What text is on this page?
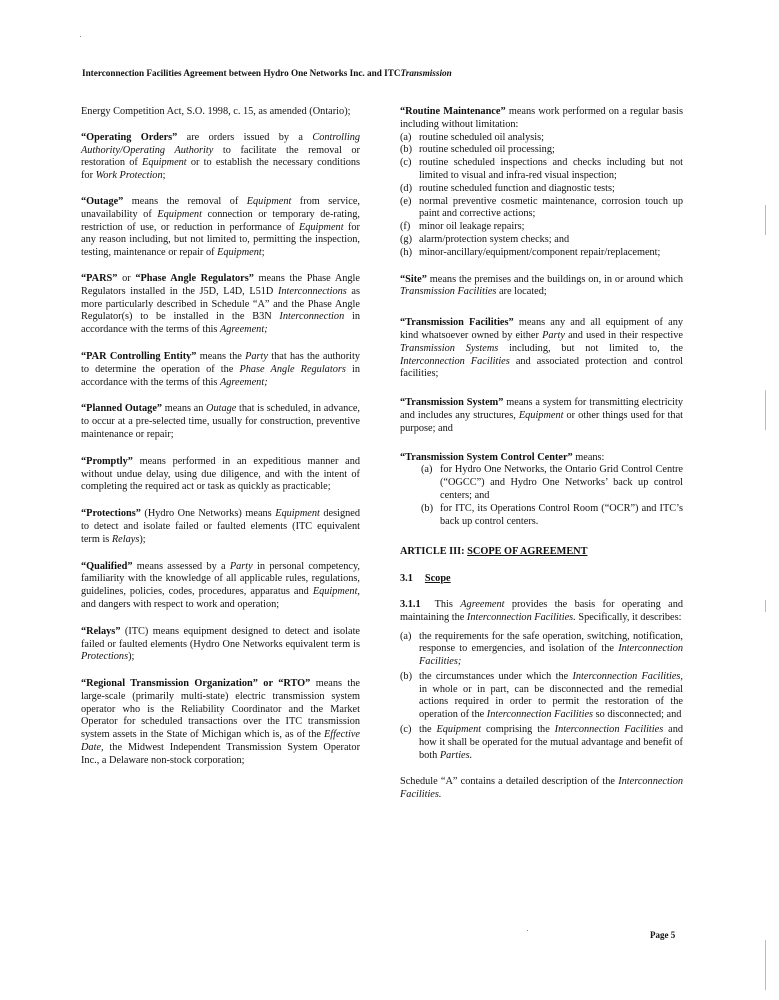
Interconnection Facilities Agreement between Hydro One Networks Inc. and ITCTransmission

Energy Competition Act, S.O. 1998, c. 15, as amended (Ontario);

“Operating Orders” are orders issued by a Controlling Authority/Operating Authority to facilitate the removal or restoration of Equipment or to establish the necessary conditions for Work Protection;

“Outage” means the removal of Equipment from service, unavailability of Equipment connection or temporary de-rating, restriction of use, or reduction in performance of Equipment for any reason including, but not limited to, permitting the inspection, testing, maintenance or repair of Equipment;

“PARS” or “Phase Angle Regulators” means the Phase Angle Regulators installed in the J5D, L4D, L51D Interconnections as more particularly described in Schedule “A” and the Phase Angle Regulator(s) to be installed in the B3N Interconnection in accordance with the terms of this Agreement;

“PAR Controlling Entity” means the Party that has the authority to determine the operation of the Phase Angle Regulators in accordance with the terms of this Agreement;

“Planned Outage” means an Outage that is scheduled, in advance, to occur at a pre-selected time, usually for construction, preventive maintenance or repair;

“Promptly” means performed in an expeditious manner and without undue delay, using due diligence, and with the intent of completing the required act or task as quickly as practicable;

“Protections” (Hydro One Networks) means Equipment designed to detect and isolate failed or faulted elements (ITC equivalent term is Relays);

“Qualified” means assessed by a Party in personal competency, familiarity with the knowledge of all applicable rules, regulations, guidelines, policies, codes, procedures, apparatus and Equipment, and dangers with respect to work and operation;

“Relays” (ITC) means equipment designed to detect and isolate failed or faulted elements (Hydro One Networks equivalent term is Protections);

“Regional Transmission Organization” or “RTO” means the large-scale (primarily multi-state) electric transmission system operator who is the Reliability Coordinator and the Market Operator for scheduled transactions over the ITC transmission system assets in the State of Michigan which is, as of the Effective Date, the Midwest Independent Transmission System Operator Inc., a Delaware non-stock corporation;

“Routine Maintenance” means work performed on a regular basis including without limitation:

(a) routine scheduled oil analysis;
(b) routine scheduled oil processing;
(c) routine scheduled inspections and checks including but not limited to visual and infra-red visual inspection;
(d) routine scheduled function and diagnostic tests;
(e) normal preventive cosmetic maintenance, corrosion touch up paint and corrective actions;
(f) minor oil leakage repairs;
(g) alarm/protection system checks; and
(h) minor-ancillary/equipment/component repair/replacement;

“Site” means the premises and the buildings on, in or around which Transmission Facilities are located;

“Transmission Facilities” means any and all equipment of any kind whatsoever owned by either Party and used in their respective Transmission Systems including, but not limited to, the Interconnection Facilities and associated protection and control facilities;

“Transmission System” means a system for transmitting electricity and includes any structures, Equipment or other things used for that purpose; and

“Transmission System Control Center” means:

(a) for Hydro One Networks, the Ontario Grid Control Centre (“OGCC”) and Hydro One Networks’ back up control centers; and
(b) for ITC, its Operations Control Room (“OCR”) and ITC’s back up control centers.
ARTICLE III: SCOPE OF AGREEMENT
3.1 Scope

3.1.1 This Agreement provides the basis for operating and maintaining the Interconnection Facilities. Specifically, it describes:

(a) the requirements for the safe operation, switching, notification, response to emergencies, and isolation of the Interconnection Facilities;
(b) the circumstances under which the Interconnection Facilities, in whole or in part, can be disconnected and the remedial actions required in order to permit the restoration of the operation of the Interconnection Facilities so disconnected; and
(c) the Equipment comprising the Interconnection Facilities and how it shall be operated for the mutual advantage and benefit of both Parties.

Schedule “A” contains a detailed description of the Interconnection Facilities.

Page 5
